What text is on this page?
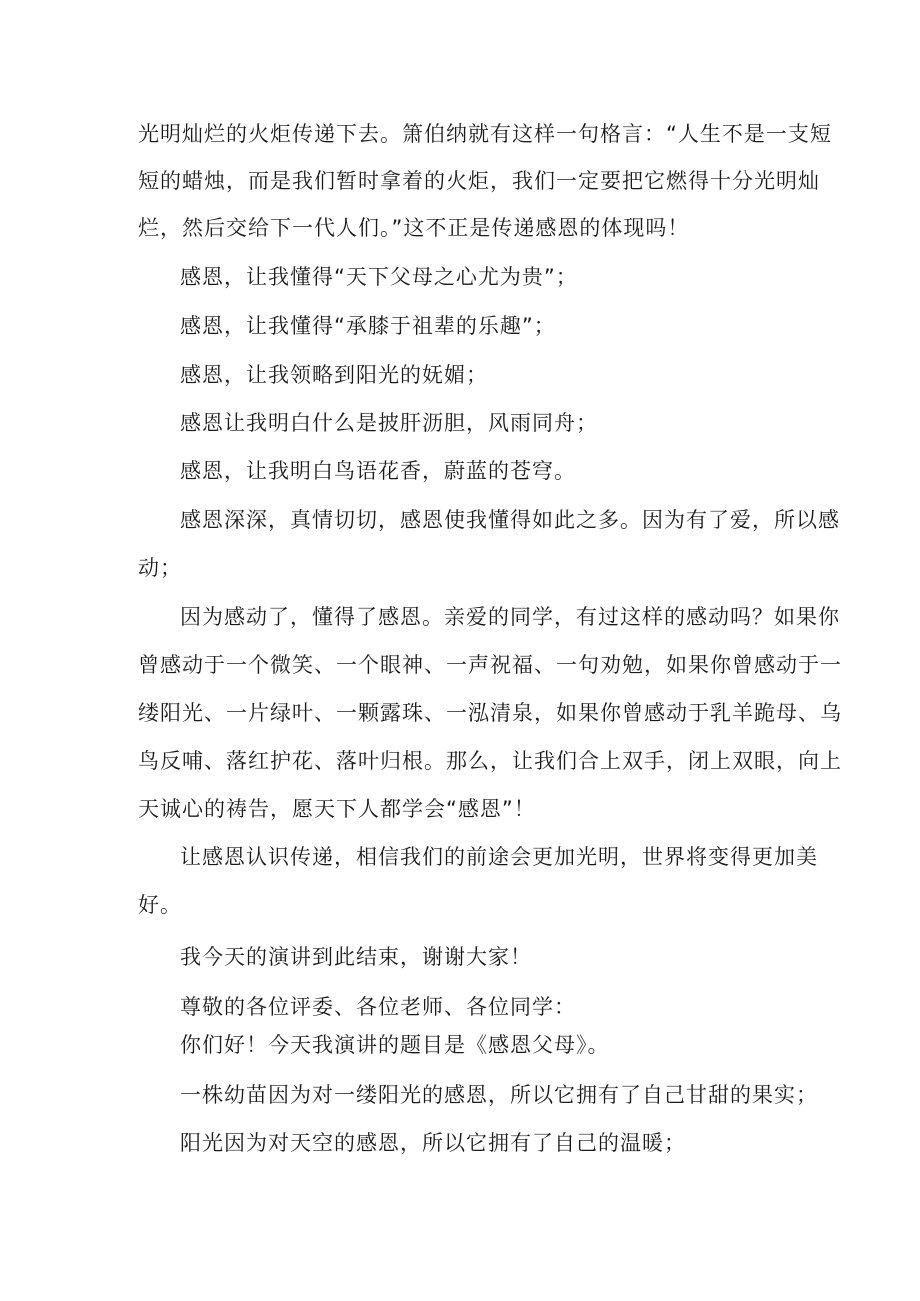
光明灿烂的火炬传递下去。箫伯纳就有这样一句格言：“人生不是一支短
短的蜡烛，而是我们暂时拿着的火炬，我们一定要把它燃得十分光明灿
烂，然后交给下一代人们。”这不正是传递感恩的体现吗！
感恩，让我懂得“天下父母之心尤为贵”；
感恩，让我懂得“承膝于祖辈的乐趣”；
感恩，让我领略到阳光的妩媚；
感恩让我明白什么是披肝沥胆，风雨同舟；
感恩，让我明白鸟语花香，蔚蓝的苍穹。
感恩深深，真情切切，感恩使我懂得如此之多。因为有了爱，所以感
动；
因为感动了，懂得了感恩。亲爱的同学，有过这样的感动吗？如果你
曾感动于一个微笑、一个眼神、一声祝福、一句劝勉，如果你曾感动于一
缕阳光、一片绿叶、一颗露珠、一泓清泉，如果你曾感动于乳羊跪母、乌
鸟反哺、落红护花、落叶归根。那么，让我们合上双手，闭上双眼，向上
天诚心的祷告，愿天下人都学会“感恩”！
让感恩认识传递，相信我们的前途会更加光明，世界将变得更加美
好。
我今天的演讲到此结束，谢谢大家！
尊敬的各位评委、各位老师、各位同学：
你们好！今天我演讲的题目是《感恩父母》。
一株幼苗因为对一缕阳光的感恩，所以它拥有了自己甘甜的果实；
阳光因为对天空的感恩，所以它拥有了自己的温暖；
